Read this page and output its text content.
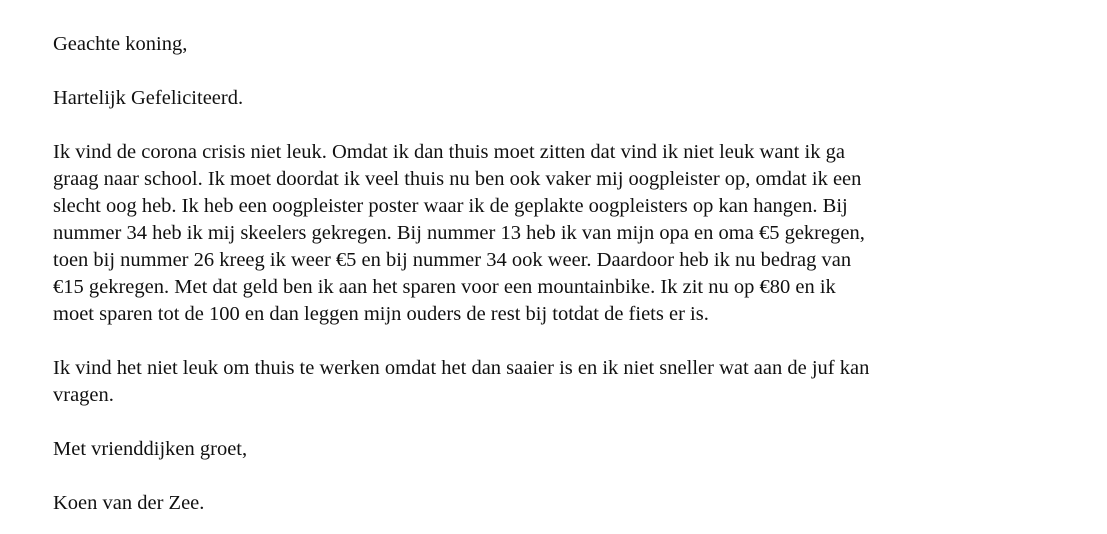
Geachte koning,

Hartelijk Gefeliciteerd.

Ik vind de corona crisis niet leuk. Omdat ik dan thuis moet zitten dat vind ik niet leuk want ik ga
graag naar school. Ik moet doordat ik veel thuis nu ben ook vaker mij oogpleister op, omdat ik een
slecht oog heb. Ik heb een oogpleister poster waar ik de geplakte oogpleisters op kan hangen. Bij
nummer 34 heb ik mij skeelers gekregen. Bij nummer 13 heb ik van mijn opa en oma €5 gekregen,
toen bij nummer 26 kreeg ik weer €5 en bij nummer 34 ook weer. Daardoor heb ik nu bedrag van
€15 gekregen. Met dat geld ben ik aan het sparen voor een mountainbike. Ik zit nu op €80 en ik
moet sparen tot de 100 en dan leggen mijn ouders de rest bij totdat de fiets er is.

Ik vind het niet leuk om thuis te werken omdat het dan saaier is en ik niet sneller wat aan de juf kan
vragen.

Met vrienddijken groet,

Koen van der Zee.
